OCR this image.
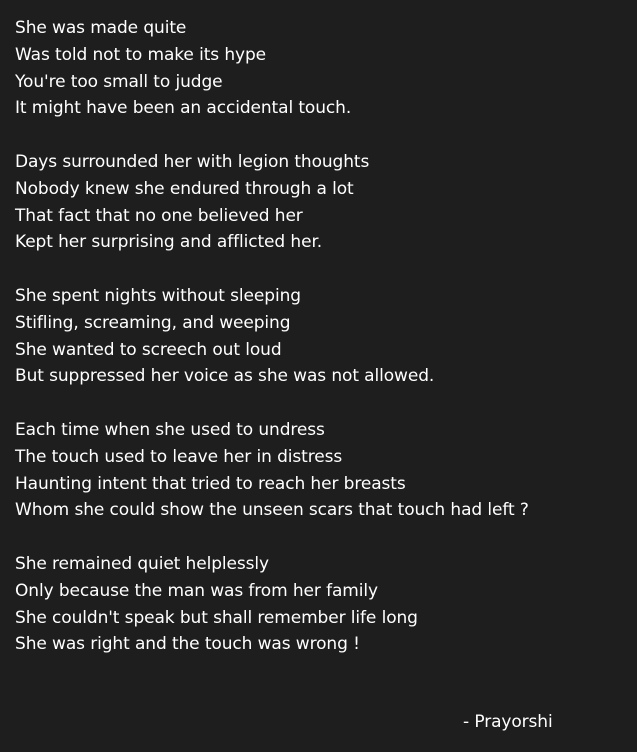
She was made quite
Was told not to make its hype
You're too small to judge
It might have been an accidental touch.
Days surrounded her with legion thoughts
Nobody knew she endured through a lot
That fact that no one believed her
Kept her surprising and afflicted her.
She spent nights without sleeping
Stifling, screaming, and weeping
She wanted to screech out loud
But suppressed her voice as she was not allowed.
Each time when she used to undress
The touch used to leave her in distress
Haunting intent that tried to reach her breasts
Whom she could show the unseen scars that touch had left ?
She remained quiet helplessly
Only because the man was from her family
She couldn't speak but shall remember life long
She was right and the touch was wrong !
- Prayorshi
